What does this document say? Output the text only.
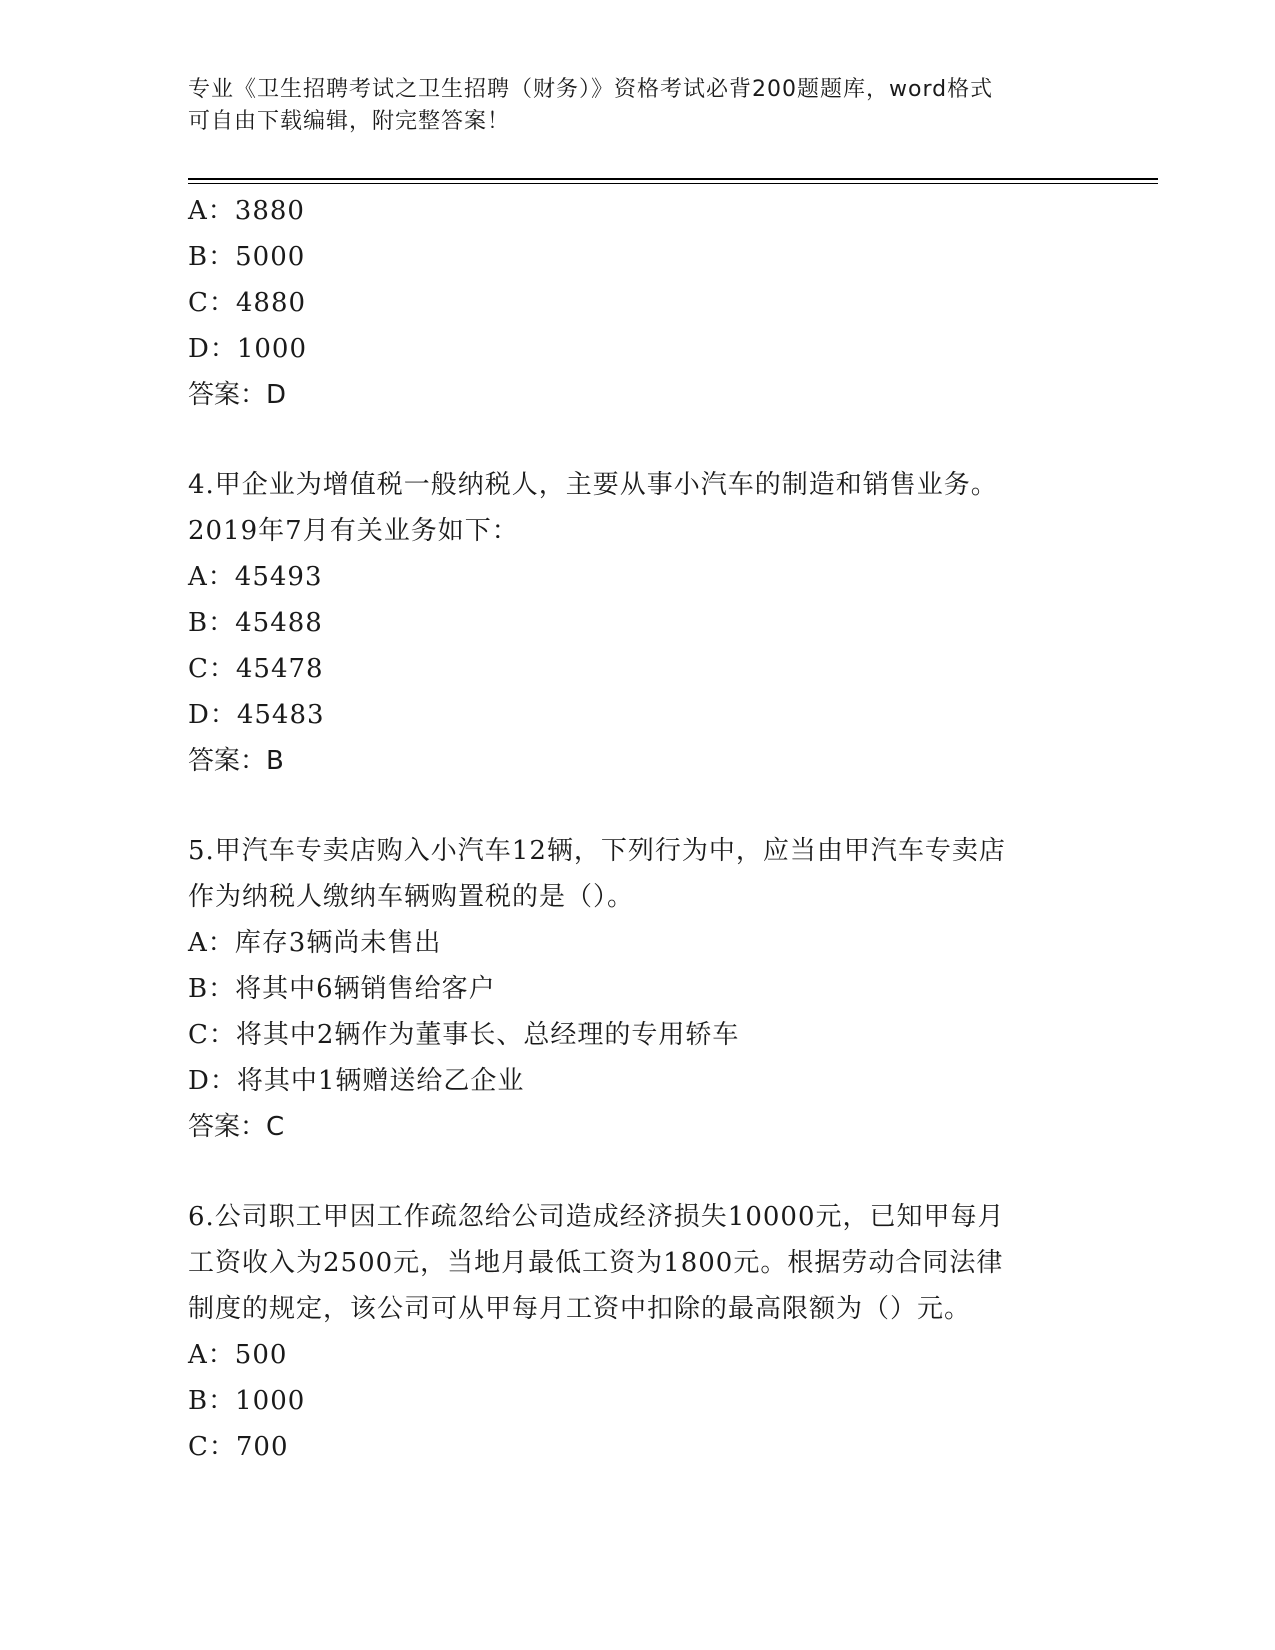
专业《卫生招聘考试之卫生招聘（财务）》资格考试必背200题题库，word格式
可自由下载编辑，附完整答案！
A：3880
B：5000
C：4880
D：1000
答案：D
4.甲企业为增值税一般纳税人，主要从事小汽车的制造和销售业务。
2019年7月有关业务如下：
A：45493
B：45488
C：45478
D：45483
答案：B
5.甲汽车专卖店购入小汽车12辆，下列行为中，应当由甲汽车专卖店
作为纳税人缴纳车辆购置税的是（）。
A：库存3辆尚未售出
B：将其中6辆销售给客户
C：将其中2辆作为董事长、总经理的专用轿车
D：将其中1辆赠送给乙企业
答案：C
6.公司职工甲因工作疏忽给公司造成经济损失10000元，已知甲每月
工资收入为2500元，当地月最低工资为1800元。根据劳动合同法律
制度的规定，该公司可从甲每月工资中扣除的最高限额为（）元。
A：500
B：1000
C：700
